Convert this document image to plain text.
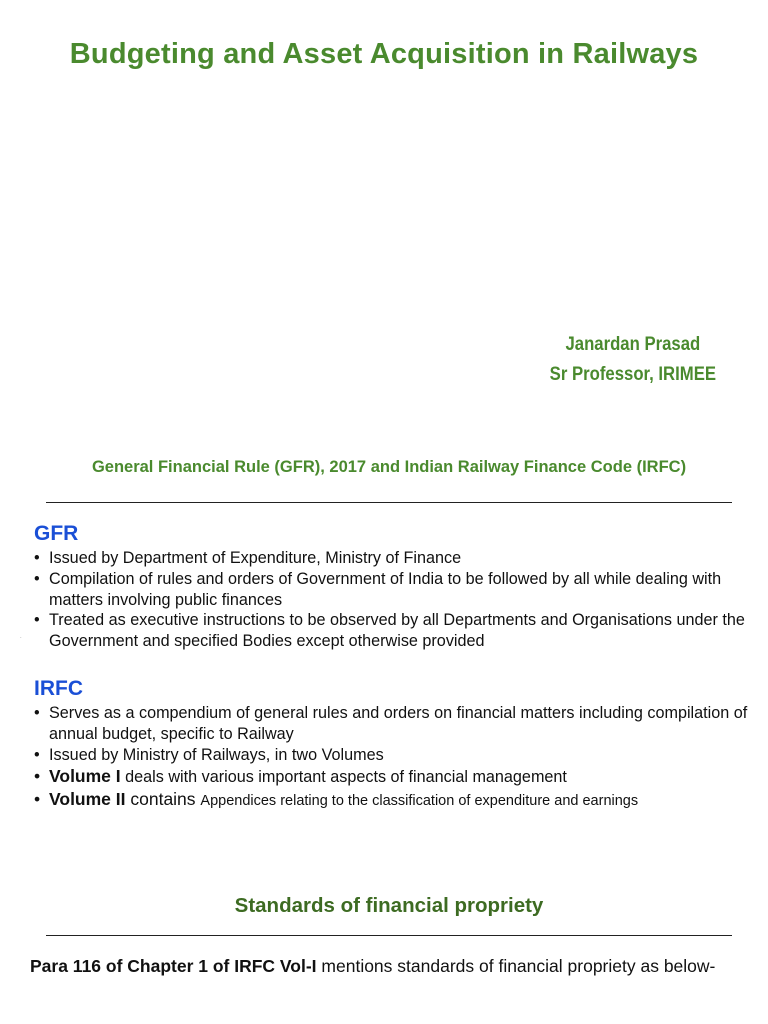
Budgeting and Asset Acquisition in Railways
Janardan Prasad
Sr Professor, IRIMEE
General Financial Rule (GFR), 2017 and Indian Railway Finance Code (IRFC)
GFR
• Issued by Department of Expenditure, Ministry of Finance
• Compilation of rules and orders of Government of India to be followed by all while dealing with matters involving public finances
• Treated as executive instructions to be observed by all Departments and Organisations under the Government and specified Bodies except otherwise provided
.
IRFC
• Serves as a compendium of general rules and orders on financial matters including compilation of annual budget, specific to Railway
• Issued by Ministry of Railways, in two Volumes
• Volume I deals with various important aspects of financial management
• Volume II contains Appendices relating to the classification of expenditure and earnings
Standards of financial propriety
Para 116 of Chapter 1 of IRFC Vol-I mentions standards of financial propriety as below-
